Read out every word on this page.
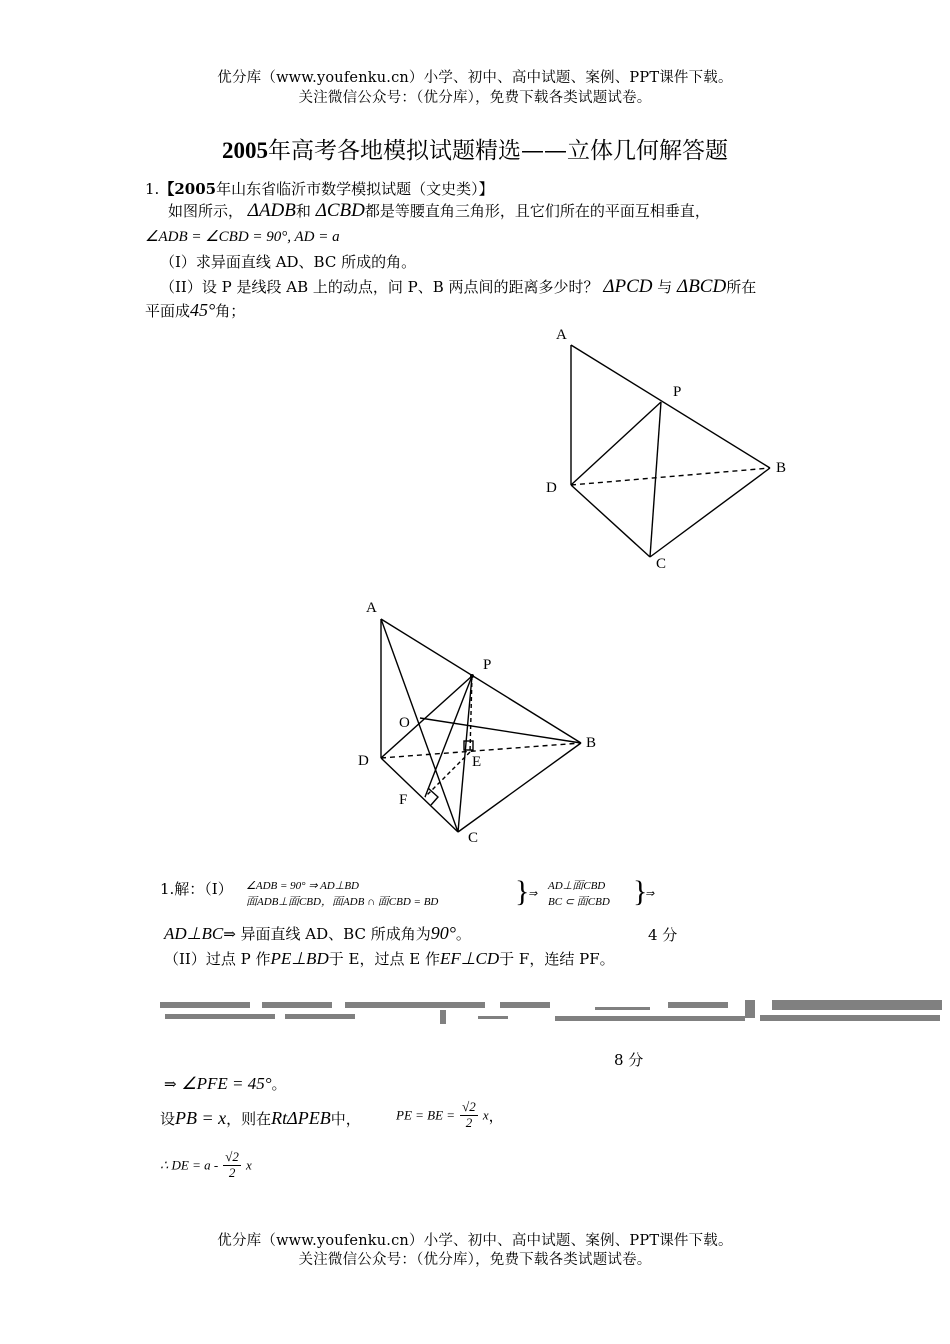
优分库（www.youfenku.cn）小学、初中、高中试题、案例、PPT课件下载。
关注微信公众号：（优分库），免费下载各类试题试卷。
2005年高考各地模拟试题精选——立体几何解答题
1.【2005年山东省临沂市数学模拟试题（文史类）】
如图所示， ΔADB和 ΔCBD都是等腰直角三角形，且它们所在的平面互相垂直，
∠ADB = ∠CBD = 90°, AD = a
（I）求异面直线 AD、BC 所成的角。
（II）设 P 是线段 AB 上的动点，问 P、B 两点间的距离多少时？ ΔPCD 与 ΔBCD所在
平面成45°角；
A
P
B
D
C
A
P
O
B
D	E
F
C
1.解：（I） ∠ADB = 90° ⇒ AD⊥BD
面ADB⊥面CBD，面ADB ∩ 面CBD = BD	}
⇒
AD⊥面CBD
BC ⊂ 面CBD }
⇒
AD⊥BC⇒ 异面直线 AD、BC 所成角为90°。	4 分
（II）过点 P 作PE⊥BD于 E，过点 E 作EF⊥CD于 F，连结 PF。
8 分
⇒ ∠PFE = 45°。
设PB = x，则在RtΔPEB中，	PE = BE = $\frac{√2}{2}$ x，
∴ DE = a - $\frac{√2}{2}$ x
优分库（www.youfenku.cn）小学、初中、高中试题、案例、PPT课件下载。
关注微信公众号：（优分库），免费下载各类试题试卷。
